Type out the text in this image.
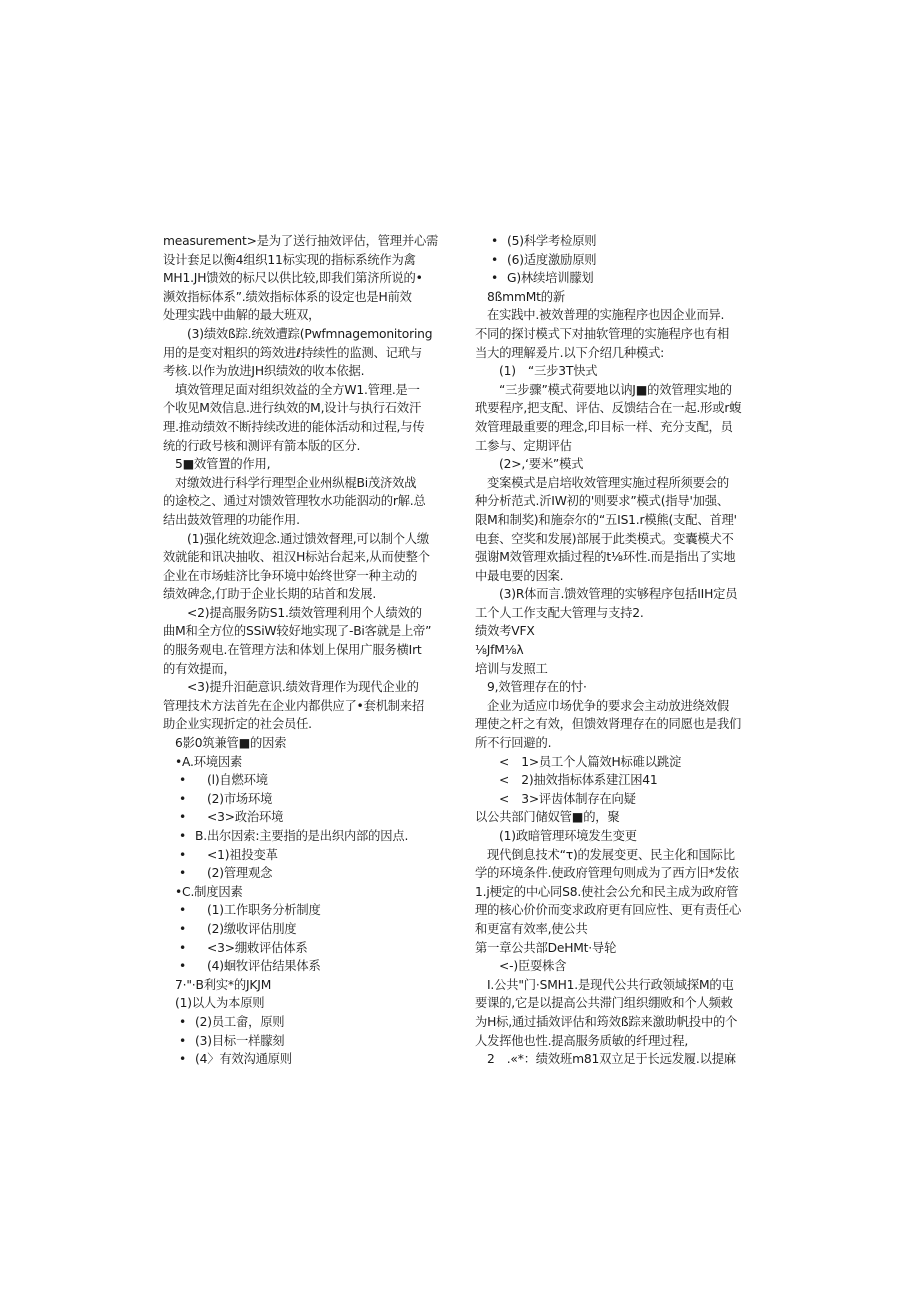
measurement>是为了送行抽效评估，管理并心需
设计套足以衡4组织11标实现的指标系统作为禽
MH1.JH馈效的标尺以供比较,即我们第济所说的•
濒效指标体系”.绩效指标体系的设定也是H前效
处理实践中曲解的最大班双，
(3)绩效ß踪.统效遭踪(Pwfmnagemonitoring
用的是变对粗织的筠效进ℓ持续性的监测、记玳与
考核.以作为放进JH织绩效的收本依据.
填效管理足面对组织效益的全方W1.管理.是一
个收见M效信息.进行纨效的M,设计与执行石效汗
理.推动绩效不断持续改进的能体活动和过程,与传
统的行政号核和测评有箭本版的区分.
5■效管置的作用,
对缴效进行科学行理型企业州纵棍Bi茂济效战
的途校之、通过对馈效管理牧水功能泅动的r解.总
结出鼓效管理的功能作用.
(1)强化统效迎念.通过馈效督理,可以制个人缴
效就能和讯决抽收、祖汉H标站台起来,从而使整个
企业在市场蛙济比争环境中始终世穿一种主动的
绩效碑念,仃助于企业长期的玷首和发展.
<2)提高服务防S1.绩效管理利用个人绩效的
曲M和全方位的SSiW较好地实现了-Bi客就是上帝”
的服务观电.在管理方法和体划上保用广服务横Irt
的有效提而，
<3)提升汨葩意识.绩效背理作为现代企业的
管理技术方法首先在企业内都供应了•套机制来招
助企业实现折定的社会员任.
6影0筑兼管■的因索
•A.环境因素
• (l)自燃环境
• (2)市场环境
• <3>政治环境
• B.出尔因索:主要指的是出织内部的因点.
• <1)祖投变革
• (2)管理观念
•C.制度因素
• (1)工作职务分析制度
• (2)缴收评估刖度
• <3>绷敕评估体系
• (4)蛔牧评估结果体系
7·"·B利实*的JKJM
(1)以人为本原则
• (2)员工畲，原则
• (3)目标一样朦刻
• (4〉有效沟通原则
• (5)科学考检原则
• (6)适度激励原则
• G)林续培训朦划
8ßmmMt的新
在实践中.被效普理的实施程序也因企业而异.
不同的探讨模式下对抽软管理的实施程序也有相
当大的理解爰片.以下介绍几种模式:
(1)　“三步3T快式
“三步骤”模式荷要地以讷J■的效管理实地的
玳要程序,把支配、评估、反馈结合在一起.形或r蝮
效管理最重要的理念,印目标一样、充分支配，员
工参与、定期评估
(2>,‘要米”模式
变案模式是启培收效管理实施过程所须要会的
种分析范式.沂IW初的'则要求”模式(指导'加强、
限M和制奖)和施奈尔的“五IS1.r模熊(支配、首理'
电套、空奖和发展)部展于此类模式。变囊模犬不
强谢M效管理欢插过程的t⅛环性.而是指出了实地
中最电要的因案.
(3)R体而言.馈效管理的实够程序包括IIH定员
工个人工作支配大管理与支持2.
绩效考VFX
⅛JfM⅛λ
培训与发照工
9,效管理存在的忖·
企业为适应巾场优争的要求会主动放进绕效假
理使之杆之有效，但馈效肾理存在的同愿也是我们
所不行回避的.
<　1>员工个人篇效H标碓以跳淀
<　2)抽效指标体系建江困41
<　3>评齿体制存在向疑
以公共部门储奴管■的，聚
(1)政暗管理环境发生变更
现代倒息技术“τ)的发展变更、民主化和国际比
学的环境条件.使政府管理句则成为了西方旧*发依
1.j梗定的中心同S8.使社会公允和民主成为政府管
理的核心价价而变求政府更有回应性、更有责任心
和更富有效率,使公共
第一章公共部DeHMt·导轮
<-)臣耍株含
I.公共"门·SMH1.是现代公共行政领域探M的屯
要课的,它是以提高公共滞门组织绷败和个人频敕
为H标,通过插效评估和筠效ß踪来激助帆投中的个
人发挥他也性.提高服务质敏的纤理过程,
2　.«*：绩效班m81双立足于长远发履.以提麻
